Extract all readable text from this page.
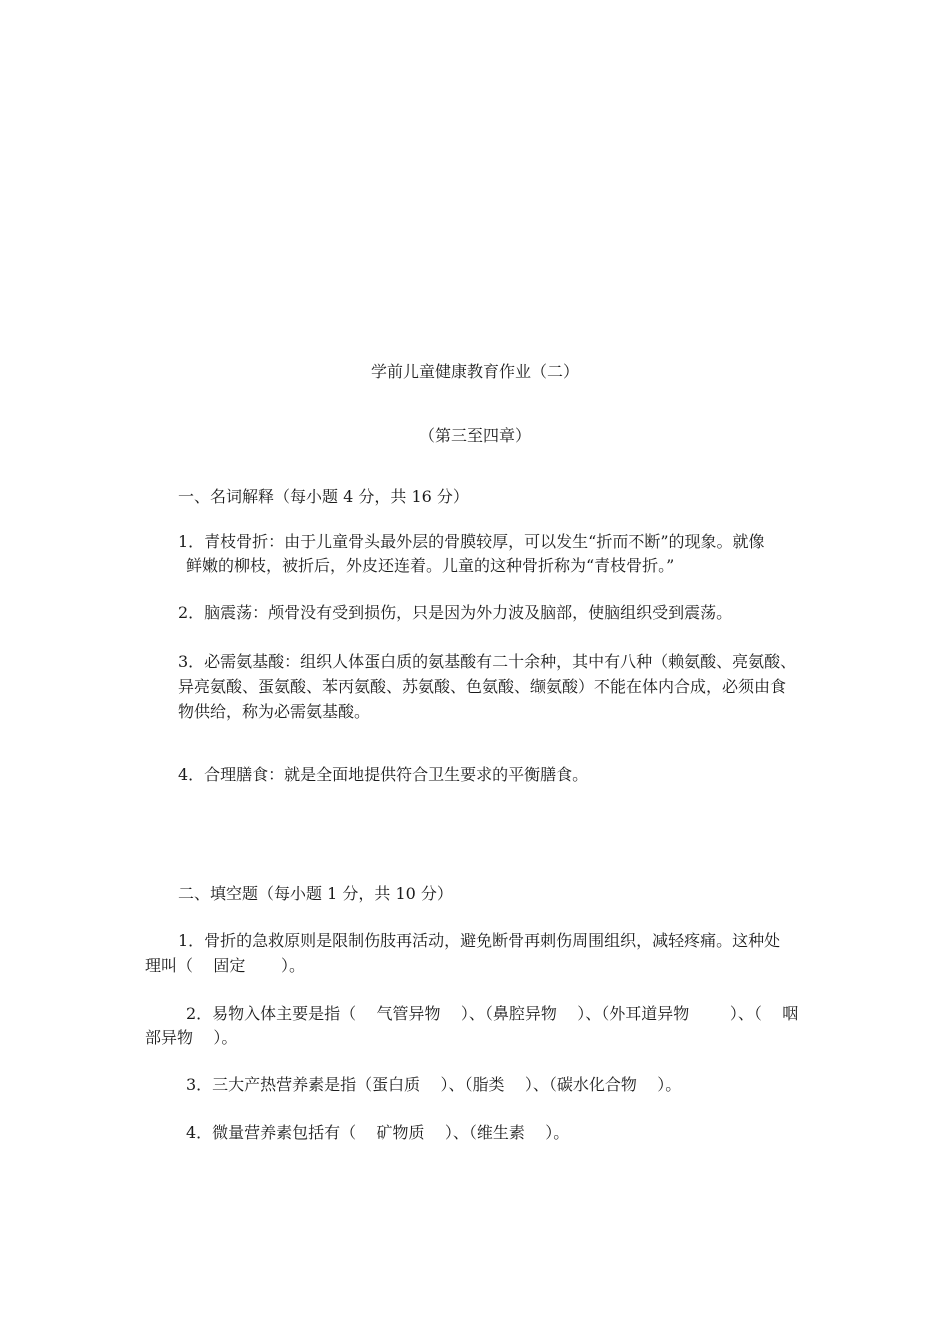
学前儿童健康教育作业（二）
（第三至四章）
一、名词解释（每小题 4 分，共 16 分）
1．青枝骨折：由于儿童骨头最外层的骨膜较厚，可以发生“折而不断”的现象。就像
鲜嫩的柳枝，被折后，外皮还连着。儿童的这种骨折称为“青枝骨折。”
2．脑震荡：颅骨没有受到损伤，只是因为外力波及脑部，使脑组织受到震荡。
3．必需氨基酸：组织人体蛋白质的氨基酸有二十余种，其中有八种（赖氨酸、亮氨酸、
异亮氨酸、蛋氨酸、苯丙氨酸、苏氨酸、色氨酸、缬氨酸）不能在体内合成，必须由食
物供给，称为必需氨基酸。
4．合理膳食：就是全面地提供符合卫生要求的平衡膳食。
二、填空题（每小题 1 分，共 10 分）
1．骨折的急救原则是限制伤肢再活动，避免断骨再刺伤周围组织，减轻疼痛。这种处
理叫（    固定       ）。
2．易物入体主要是指（    气管异物    ）、（鼻腔异物    ）、（外耳道异物        ）、（    咽
部异物    ）。
3．三大产热营养素是指（蛋白质    ）、（脂类    ）、（碳水化合物    ）。
4．微量营养素包括有（    矿物质    ）、（维生素    ）。
